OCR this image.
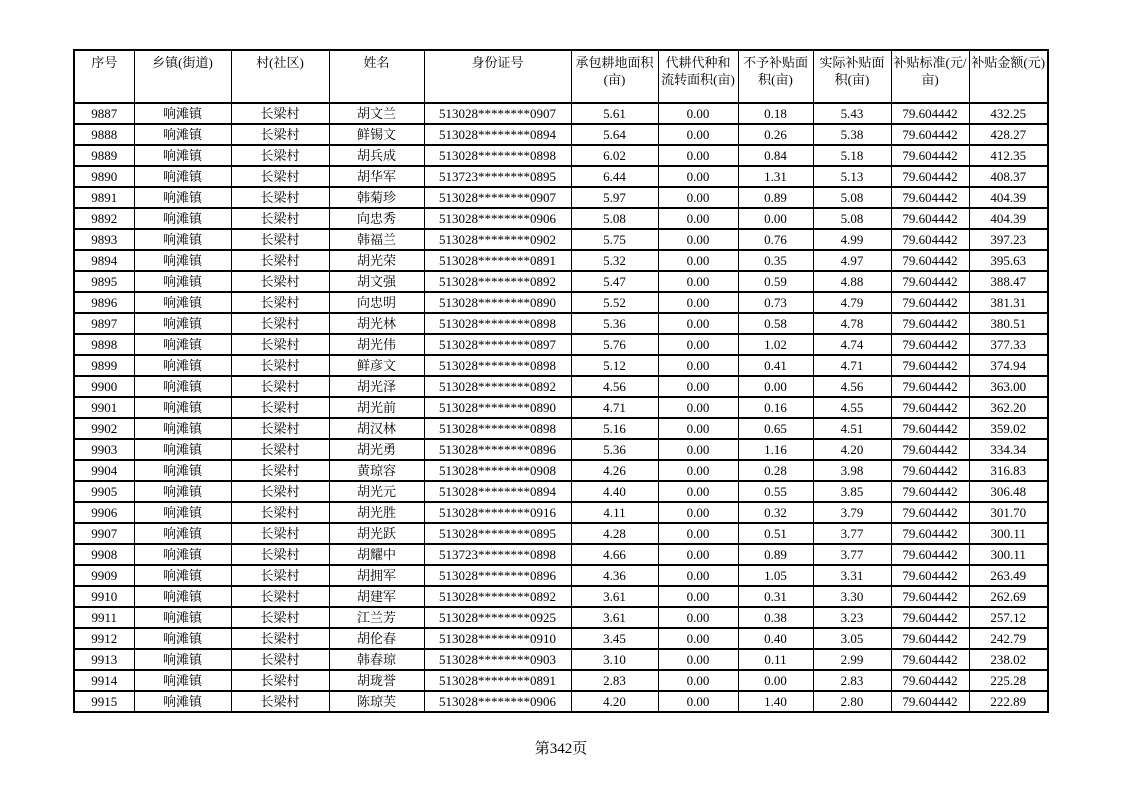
序号	乡镇(街道)	村(社区)	姓名	身份证号	承包耕地面积(亩)	代耕代种和流转面积(亩)	不予补贴面积(亩)	实际补贴面积(亩)	补贴标准(元/亩)	补贴金额(元)
9887	响滩镇	长梁村	胡文兰	513028********0907	5.61	0.00	0.18	5.43	79.604442	432.25
9888	响滩镇	长梁村	鲜锡文	513028********0894	5.64	0.00	0.26	5.38	79.604442	428.27
9889	响滩镇	长梁村	胡兵成	513028********0898	6.02	0.00	0.84	5.18	79.604442	412.35
9890	响滩镇	长梁村	胡华军	513723********0895	6.44	0.00	1.31	5.13	79.604442	408.37
9891	响滩镇	长梁村	韩菊珍	513028********0907	5.97	0.00	0.89	5.08	79.604442	404.39
9892	响滩镇	长梁村	向忠秀	513028********0906	5.08	0.00	0.00	5.08	79.604442	404.39
9893	响滩镇	长梁村	韩福兰	513028********0902	5.75	0.00	0.76	4.99	79.604442	397.23
9894	响滩镇	长梁村	胡光荣	513028********0891	5.32	0.00	0.35	4.97	79.604442	395.63
9895	响滩镇	长梁村	胡文强	513028********0892	5.47	0.00	0.59	4.88	79.604442	388.47
9896	响滩镇	长梁村	向忠明	513028********0890	5.52	0.00	0.73	4.79	79.604442	381.31
9897	响滩镇	长梁村	胡光林	513028********0898	5.36	0.00	0.58	4.78	79.604442	380.51
9898	响滩镇	长梁村	胡光伟	513028********0897	5.76	0.00	1.02	4.74	79.604442	377.33
9899	响滩镇	长梁村	鲜彦文	513028********0898	5.12	0.00	0.41	4.71	79.604442	374.94
9900	响滩镇	长梁村	胡光泽	513028********0892	4.56	0.00	0.00	4.56	79.604442	363.00
9901	响滩镇	长梁村	胡光前	513028********0890	4.71	0.00	0.16	4.55	79.604442	362.20
9902	响滩镇	长梁村	胡汉林	513028********0898	5.16	0.00	0.65	4.51	79.604442	359.02
9903	响滩镇	长梁村	胡光勇	513028********0896	5.36	0.00	1.16	4.20	79.604442	334.34
9904	响滩镇	长梁村	黄琼容	513028********0908	4.26	0.00	0.28	3.98	79.604442	316.83
9905	响滩镇	长梁村	胡光元	513028********0894	4.40	0.00	0.55	3.85	79.604442	306.48
9906	响滩镇	长梁村	胡光胜	513028********0916	4.11	0.00	0.32	3.79	79.604442	301.70
9907	响滩镇	长梁村	胡光跃	513028********0895	4.28	0.00	0.51	3.77	79.604442	300.11
9908	响滩镇	长梁村	胡耀中	513723********0898	4.66	0.00	0.89	3.77	79.604442	300.11
9909	响滩镇	长梁村	胡拥军	513028********0896	4.36	0.00	1.05	3.31	79.604442	263.49
9910	响滩镇	长梁村	胡建军	513028********0892	3.61	0.00	0.31	3.30	79.604442	262.69
9911	响滩镇	长梁村	江兰芳	513028********0925	3.61	0.00	0.38	3.23	79.604442	257.12
9912	响滩镇	长梁村	胡伦春	513028********0910	3.45	0.00	0.40	3.05	79.604442	242.79
9913	响滩镇	长梁村	韩春琼	513028********0903	3.10	0.00	0.11	2.99	79.604442	238.02
9914	响滩镇	长梁村	胡珑誉	513028********0891	2.83	0.00	0.00	2.83	79.604442	225.28
9915	响滩镇	长梁村	陈琼芙	513028********0906	4.20	0.00	1.40	2.80	79.604442	222.89
第342页
